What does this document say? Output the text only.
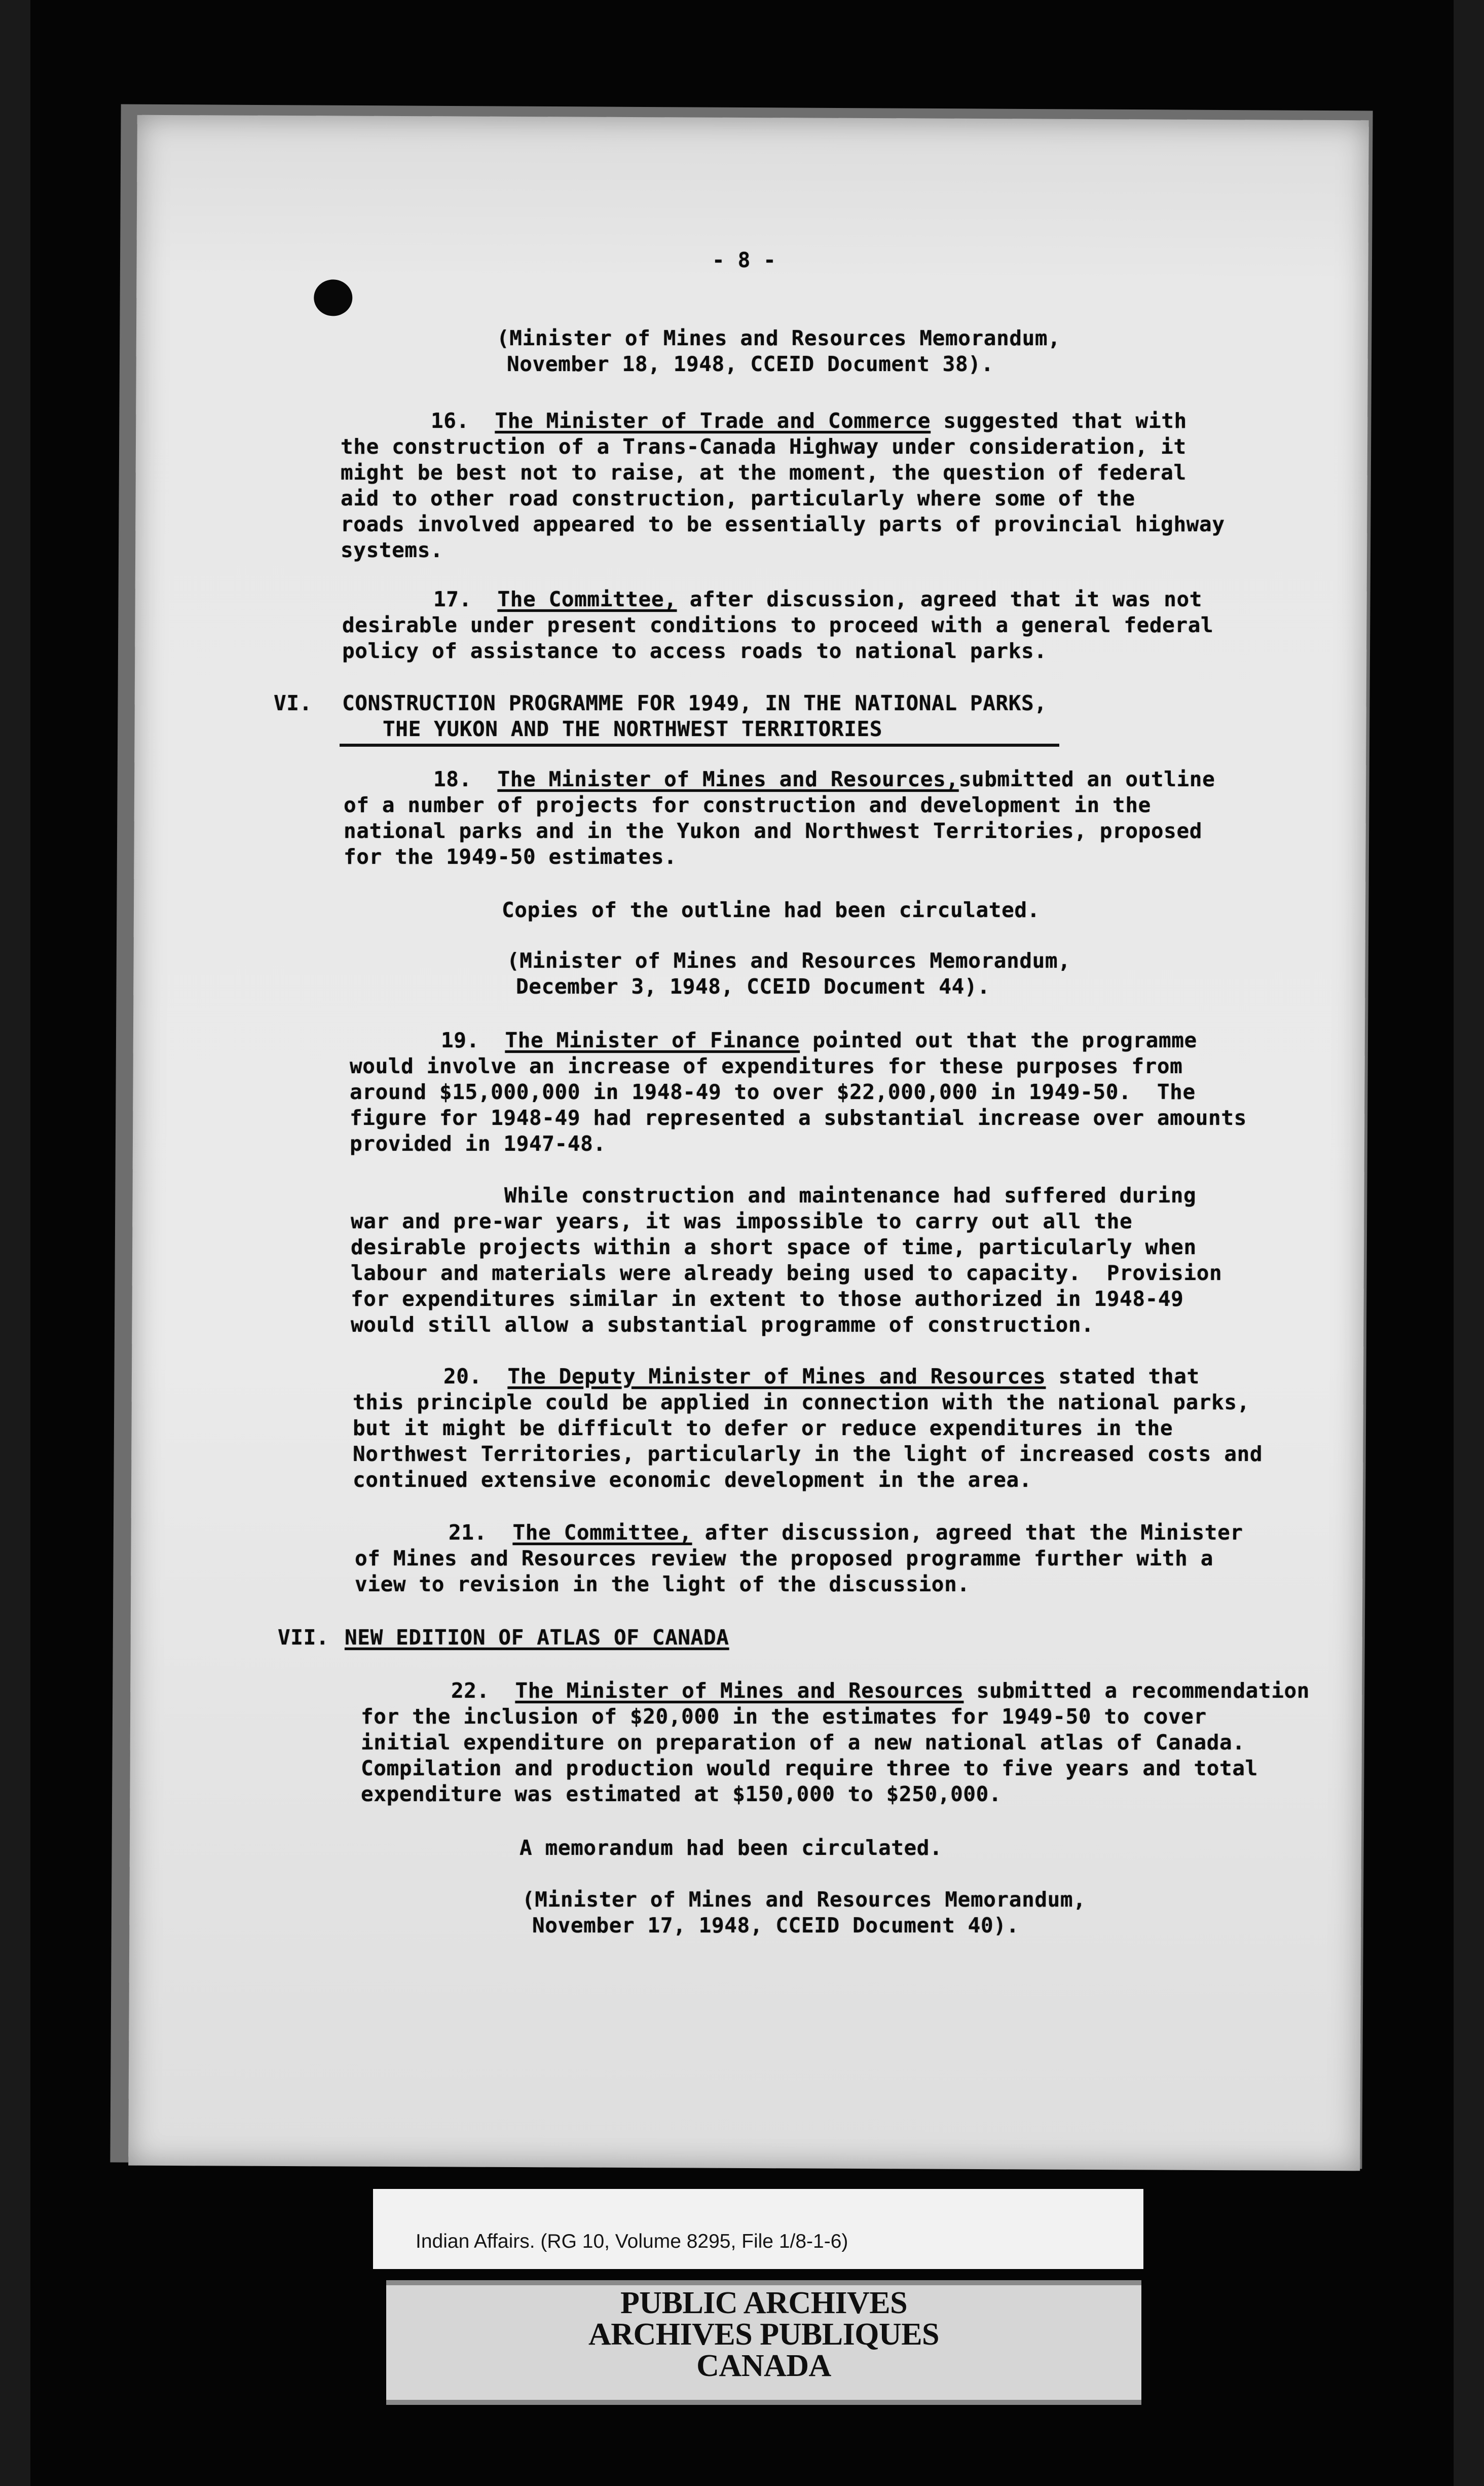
- 8 -
(Minister of Mines and Resources Memorandum,
November 18, 1948, CCEID Document 38).
16. The Minister of Trade and Commerce suggested that with
the construction of a Trans-Canada Highway under consideration, it
might be best not to raise, at the moment, the question of federal
aid to other road construction, particularly where some of the
roads involved appeared to be essentially parts of provincial highway
systems.
17. The Committee, after discussion, agreed that it was not
desirable under present conditions to proceed with a general federal
policy of assistance to access roads to national parks.
VI. CONSTRUCTION PROGRAMME FOR 1949, IN THE NATIONAL PARKS,
THE YUKON AND THE NORTHWEST TERRITORIES
18. The Minister of Mines and Resources,submitted an outline
of a number of projects for construction and development in the
national parks and in the Yukon and Northwest Territories, proposed
for the 1949-50 estimates.
Copies of the outline had been circulated.
(Minister of Mines and Resources Memorandum,
December 3, 1948, CCEID Document 44).
19. The Minister of Finance pointed out that the programme
would involve an increase of expenditures for these purposes from
around $15,000,000 in 1948-49 to over $22,000,000 in 1949-50.  The
figure for 1948-49 had represented a substantial increase over amounts
provided in 1947-48.
While construction and maintenance had suffered during
war and pre-war years, it was impossible to carry out all the
desirable projects within a short space of time, particularly when
labour and materials were already being used to capacity.  Provision
for expenditures similar in extent to those authorized in 1948-49
would still allow a substantial programme of construction.
20. The Deputy Minister of Mines and Resources stated that
this principle could be applied in connection with the national parks,
but it might be difficult to defer or reduce expenditures in the
Northwest Territories, particularly in the light of increased costs and
continued extensive economic development in the area.
21. The Committee, after discussion, agreed that the Minister
of Mines and Resources review the proposed programme further with a
view to revision in the light of the discussion.
VII. NEW EDITION OF ATLAS OF CANADA
22. The Minister of Mines and Resources submitted a recommendation
for the inclusion of $20,000 in the estimates for 1949-50 to cover
initial expenditure on preparation of a new national atlas of Canada.
Compilation and production would require three to five years and total
expenditure was estimated at $150,000 to $250,000.
A memorandum had been circulated.
(Minister of Mines and Resources Memorandum,
November 17, 1948, CCEID Document 40).
Indian Affairs. (RG 10, Volume 8295, File 1/8-1-6)
PUBLIC ARCHIVES
ARCHIVES PUBLIQUES
CANADA
